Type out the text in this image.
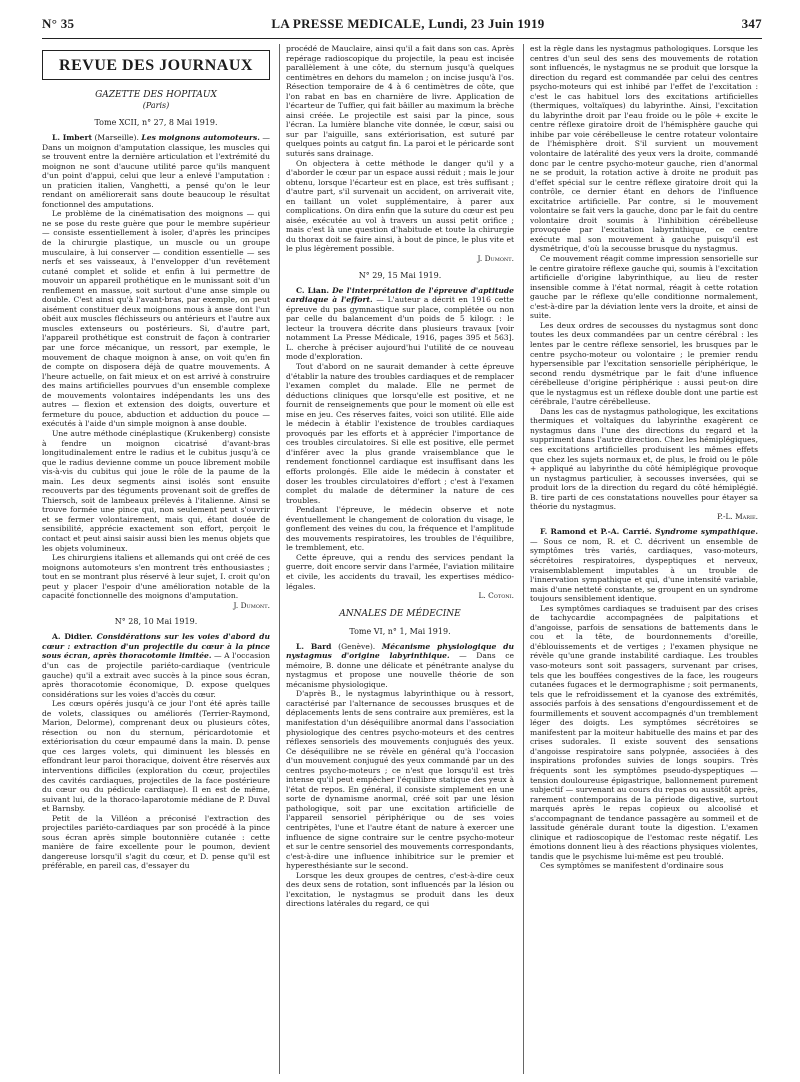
N° 35	LA PRESSE MEDICALE, Lundi, 23 Juin 1919	347
REVUE DES JOURNAUX
GAZETTE DES HOPITAUX
(Paris)
Tome XCII, n° 27, 8 Mai 1919.

L. Imbert (Marseille). Les moignons automoteurs. — Dans un moignon d'amputation classique, les muscles qui se trouvent entre la dernière articulation et l'extrémité du moignon ne sont d'aucune utilité parce qu'ils manquent d'un point d'appui, celui que leur a enlevé l'amputation : un praticien italien, Vanghetti, a pensé qu'on le leur rendant on améliorerait sans doute beaucoup le résultat fonctionnel des amputations.

Le problème de la cinématisation des moignons — qui ne se pose du reste guère que pour le membre supérieur — consiste essentiellement à isoler, d'après les principes de la chirurgie plastique, un muscle ou un groupe musculaire, à lui conserver — condition essentielle — ses nerfs et ses vaisseaux, à l'envelopper d'un revêtement cutané complet et solide et enfin à lui permettre de mouvoir un appareil prothétique en le munissant soit d'un renflement en massue, soit surtout d'une anse simple ou double. C'est ainsi qu'à l'avant-bras, par exemple, on peut aisément constituer deux moignons mous à anse dont l'un obéit aux muscles fléchisseurs ou antérieurs et l'autre aux muscles extenseurs ou postérieurs. Si, d'autre part, l'appareil prothétique est construit de façon à contrarier par une force mécanique, un ressort, par exemple, le mouvement de chaque moignon à anse, on voit qu'en fin de compte on disposera déjà de quatre mouvements. A l'heure actuelle, on fait mieux et on est arrivé à construire des mains artificielles pourvues d'un ensemble complexe de mouvements volontaires indépendants les uns des autres — flexion et extension des doigts, ouverture et fermeture du pouce, abduction et adduction du pouce — exécutés à l'aide d'un simple moignon à anse double.

Une autre méthode cinéplastique (Krukenberg) consiste à fendre un moignon cicatrisé d'avant-bras longitudinalement entre le radius et le cubitus jusqu'à ce que le radius devienne comme un pouce librement mobile vis-à-vis du cubitus qui joue le rôle de la paume de la main. Les deux segments ainsi isolés sont ensuite recouverts par des téguments provenant soit de greffes de Thiersch, soit de lambeaux prélevés à l'italienne. Ainsi se trouve formée une pince qui, non seulement peut s'ouvrir et se fermer volontairement, mais qui, étant douée de sensibilité, apprécie exactement son effort, perçoit le contact et peut ainsi saisir aussi bien les menus objets que les objets volumineux.

Les chirurgiens italiens et allemands qui ont créé de ces moignons automoteurs s'en montrent très enthousiastes ; tout en se montrant plus réservé à leur sujet, I. croit qu'on peut y placer l'espoir d'une amélioration notable de la capacité fonctionnelle des moignons d'amputation.

J. Dumont.
N° 28, 10 Mai 1919.

A. Didier. Considérations sur les voies d'abord du cœur : extraction d'un projectile du cœur à la pince sous écran, après thoracotomie limitée. — A l'occasion d'un cas de projectile pariéto-cardiaque (ventricule gauche) qu'il a extrait avec succès à la pince sous écran, après thoracotomie économique, D. expose quelques considérations sur les voies d'accès du cœur.

Les cœurs opérés jusqu'à ce jour l'ont été après taille de volets, classiques ou améliorés (Terrier-Raymond, Marion, Delorme), comprenant deux ou plusieurs côtes, résection ou non du sternum, péricardotomie et extériorisation du cœur empaumé dans la main. D. pense que ces larges volets, qui diminuent les blessés en effondrant leur paroi thoracique, doivent être réservés aux interventions difficiles (exploration du cœur, projectiles des cavités cardiaques, projectiles de la face postérieure du cœur ou du pédicule cardiaque). Il en est de même, suivant lui, de la thoraco-laparotomie médiane de P. Duval et Barnsby.

Petit de la Villéon a préconisé l'extraction des projectiles pariéto-cardiaques par son procédé à la pince sous écran après simple boutonnière cutanée : cette manière de faire excellente pour le poumon, devient dangereuse lorsqu'il s'agit du cœur, et D. pense qu'il est préférable, en pareil cas, d'essayer du

procédé de Mauclaire, ainsi qu'il a fait dans son cas. Après repérage radioscopique du projectile, la peau est incisée parallèlement à une côte, du sternum jusqu'à quelques centimètres en dehors du mamelon ; on incise jusqu'à l'os. Résection temporaire de 4 à 6 centimètres de côte, que l'on rabat en bas en charnière de livre. Application de l'écarteur de Tuffier, qui fait bâiller au maximum la brèche ainsi créée. Le projectile est saisi par la pince, sous l'écran. La lumière blanche vite donnée, le cœur, saisi ou sur par l'aiguille, sans extériorisation, est suturé par quelques points au catgut fin. La paroi et le péricarde sont suturés sans drainage.

On objectera à cette méthode le danger qu'il y a d'aborder le cœur par un espace aussi réduit ; mais le jour obtenu, lorsque l'écarteur est en place, est très suffisant ; d'autre part, s'il survenait un accident, on arriverait vite, en taillant un volet supplémentaire, à parer aux complications. On dira enfin que la suture du cœur est peu aisée, exécutée au vol à travers un aussi petit orifice ; mais c'est là une question d'habitude et toute la chirurgie du thorax doit se faire ainsi, à bout de pince, le plus vite et le plus légèrement possible.

J. Dumont.
N° 29, 15 Mai 1919.

C. Lian. De l'interprétation de l'épreuve d'aptitude cardiaque à l'effort. — L'auteur a décrit en 1916 cette épreuve du pas gymnastique sur place, complétée ou non par celle du balancement d'un poids de 5 kilogr. : le lecteur la trouvera décrite dans plusieurs travaux [voir notamment La Presse Médicale, 1916, pages 395 et 563]. L. cherche à préciser aujourd'hui l'utilité de ce nouveau mode d'exploration.

Tout d'abord on ne saurait demander à cette épreuve d'établir la nature des troubles cardiaques et de remplacer l'examen complet du malade. Elle ne permet de déductions cliniques que lorsqu'elle est positive, et ne fournit de renseignements que pour le moment où elle est mise en jeu. Ces réserves faites, voici son utilité. Elle aide le médecin à établir l'existence de troubles cardiaques provoqués par les efforts et à apprécier l'importance de ces troubles circulatoires. Si elle est positive, elle permet d'inférer avec la plus grande vraisemblance que le rendement fonctionnel cardiaque est insuffisant dans les efforts prolongés. Elle aide le médecin à constater et doser les troubles circulatoires d'effort ; c'est à l'examen complet du malade de déterminer la nature de ces troubles.

Pendant l'épreuve, le médecin observe et note éventuellement le changement de coloration du visage, le gonflement des veines du cou, la fréquence et l'amplitude des mouvements respiratoires, les troubles de l'équilibre, le tremblement, etc.

Cette épreuve, qui a rendu des services pendant la guerre, doit encore servir dans l'armée, l'aviation militaire et civile, les accidents du travail, les expertises médico-légales.

L. Cotoni.
ANNALES DE MÉDECINE
Tome VI, n° 1, Mai 1919.

L. Bard (Genève). Mécanisme physiologique du nystagmus d'origine labyrinthique. — Dans ce mémoire, B. donne une délicate et pénétrante analyse du nystagmus et propose une nouvelle théorie de son mécanisme physiologique.

D'après B., le nystagmus labyrinthique ou à ressort, caractérisé par l'alternance de secousses brusques et de déplacements lents de sens contraire aux premières, est la manifestation d'un déséquilibre anormal dans l'association physiologique des centres psycho-moteurs et des centres réflexes sensoriels des mouvements conjugués des yeux. Ce déséquilibre ne se révèle en général qu'à l'occasion d'un mouvement conjugué des yeux commandé par un des centres psycho-moteurs ; ce n'est que lorsqu'il est très intense qu'il peut empêcher l'équilibre statique des yeux à l'état de repos. En général, il consiste simplement en une sorte de dynamisme anormal, créé soit par une lésion pathologique, soit par une excitation artificielle de l'appareil sensoriel périphérique ou de ses voies centripètes, l'une et l'autre étant de nature à exercer une influence de signe contraire sur le centre psycho-moteur et sur le centre sensoriel des mouvements correspondants, c'est-à-dire une influence inhibitrice sur le premier et hyperesthésiante sur le second.

Lorsque les deux groupes de centres, c'est-à-dire ceux des deux sens de rotation, sont influencés par la lésion ou l'excitation, le nystagmus se produit dans les deux directions latérales du regard, ce qui

est la règle dans les nystagmus pathologiques. Lorsque les centres d'un seul des sens des mouvements de rotation sont influencés, le nystagmus ne se produit que lorsque la direction du regard est commandée par celui des centres psycho-moteurs qui est inhibé par l'effet de l'excitation : c'est le cas habituel lors des excitations artificielles (thermiques, voltaïques) du labyrinthe. Ainsi, l'excitation du labyrinthe droit par l'eau froide ou le pôle + excite le centre réflexe giratoire droit de l'hémisphère gauche qui inhibe par voie cérébelleuse le centre rotateur volontaire de l'hémisphère droit. S'il survient un mouvement volontaire de latéralité des yeux vers la droite, commandé donc par le centre psycho-moteur gauche, rien d'anormal ne se produit, la rotation active à droite ne produit pas d'effet spécial sur le centre réflexe giratoire droit qui la contrôle, ce dernier étant en dehors de l'influence excitatrice artificielle. Par contre, si le mouvement volontaire se fait vers la gauche, donc par le fait du centre volontaire droit soumis à l'inhibition cérébelleuse provoquée par l'excitation labyrinthique, ce centre exécute mal son mouvement à gauche puisqu'il est dysmétrique, d'où la secousse brusque du nystagmus.

Ce mouvement réagit comme impression sensorielle sur le centre giratoire réflexe gauche qui, soumis à l'excitation artificielle d'origine labyrinthique, au lieu de rester insensible comme à l'état normal, réagit à cette rotation gauche par le réflexe qu'elle conditionne normalement, c'est-à-dire par la déviation lente vers la droite, et ainsi de suite.

Les deux ordres de secousses du nystagmus sont donc toutes les deux commandées par un centre cérébral : les lentes par le centre réflexe sensoriel, les brusques par le centre psycho-moteur ou volontaire ; le premier rendu hypersensible par l'excitation sensorielle périphérique, le second rendu dysmétrique par le fait d'une influence cérébelleuse d'origine périphérique : aussi peut-on dire que le nystagmus est un réflexe double dont une partie est cérébrale, l'autre cérébelleuse.

Dans les cas de nystagmus pathologique, les excitations thermiques et voltaïques du labyrinthe exagèrent ce nystagmus dans l'une des directions du regard et la suppriment dans l'autre direction. Chez les hémiplégiques, ces excitations artificielles produisent les mêmes effets que chez les sujets normaux et, de plus, le froid ou le pôle + appliqué au labyrinthe du côté hémiplégique provoque un nystagmus particulier, à secousses inversées, qui se produit lors de la direction du regard du côté hémiplégié. B. tire parti de ces constatations nouvelles pour étayer sa théorie du nystagmus.

P.-L. Marie.

F. Ramond et P.-A. Carrié. Syndrome sympathique. — Sous ce nom, R. et C. décrivent un ensemble de symptômes très variés, cardiaques, vaso-moteurs, sécrétoires respiratoires, dyspeptiques et nerveux, vraisemblablement imputables à un trouble de l'innervation sympathique et qui, d'une intensité variable, mais d'une netteté constante, se groupent en un syndrome toujours sensiblement identique.

Les symptômes cardiaques se traduisent par des crises de tachycardie accompagnées de palpitations et d'angoisse, parfois de sensations de battements dans le cou et la tête, de bourdonnements d'oreille, d'éblouissements et de vertiges ; l'examen physique ne révèle qu'une grande instabilité cardiaque. Les troubles vaso-moteurs sont soit passagers, survenant par crises, tels que les bouffées congestives de la face, les rougeurs cutanées fugaces et le dermographisme ; soit permanents, tels que le refroidissement et la cyanose des extrémités, associés parfois à des sensations d'engourdissement et de fourmillements et souvent accompagnés d'un tremblement léger des doigts. Les symptômes sécrétoires se manifestent par la moiteur habituelle des mains et par des crises sudorales. Il existe souvent des sensations d'angoisse respiratoire sans polypnée, associées à des inspirations profondes suivies de longs soupirs. Très fréquents sont les symptômes pseudo-dyspeptiques — tension douloureuse épigastrique, ballonnement purement subjectif — survenant au cours du repas ou aussitôt après, rarement contemporains de la période digestive, surtout marqués après le repas copieux ou alcoolisé et s'accompagnant de tendance passagère au sommeil et de lassitude générale durant toute la digestion. L'examen clinique et radioscopique de l'estomac reste négatif. Les émotions donnent lieu à des réactions physiques violentes, tandis que le psychisme lui-même est peu troublé.

Ces symptômes se manifestent d'ordinaire sous
